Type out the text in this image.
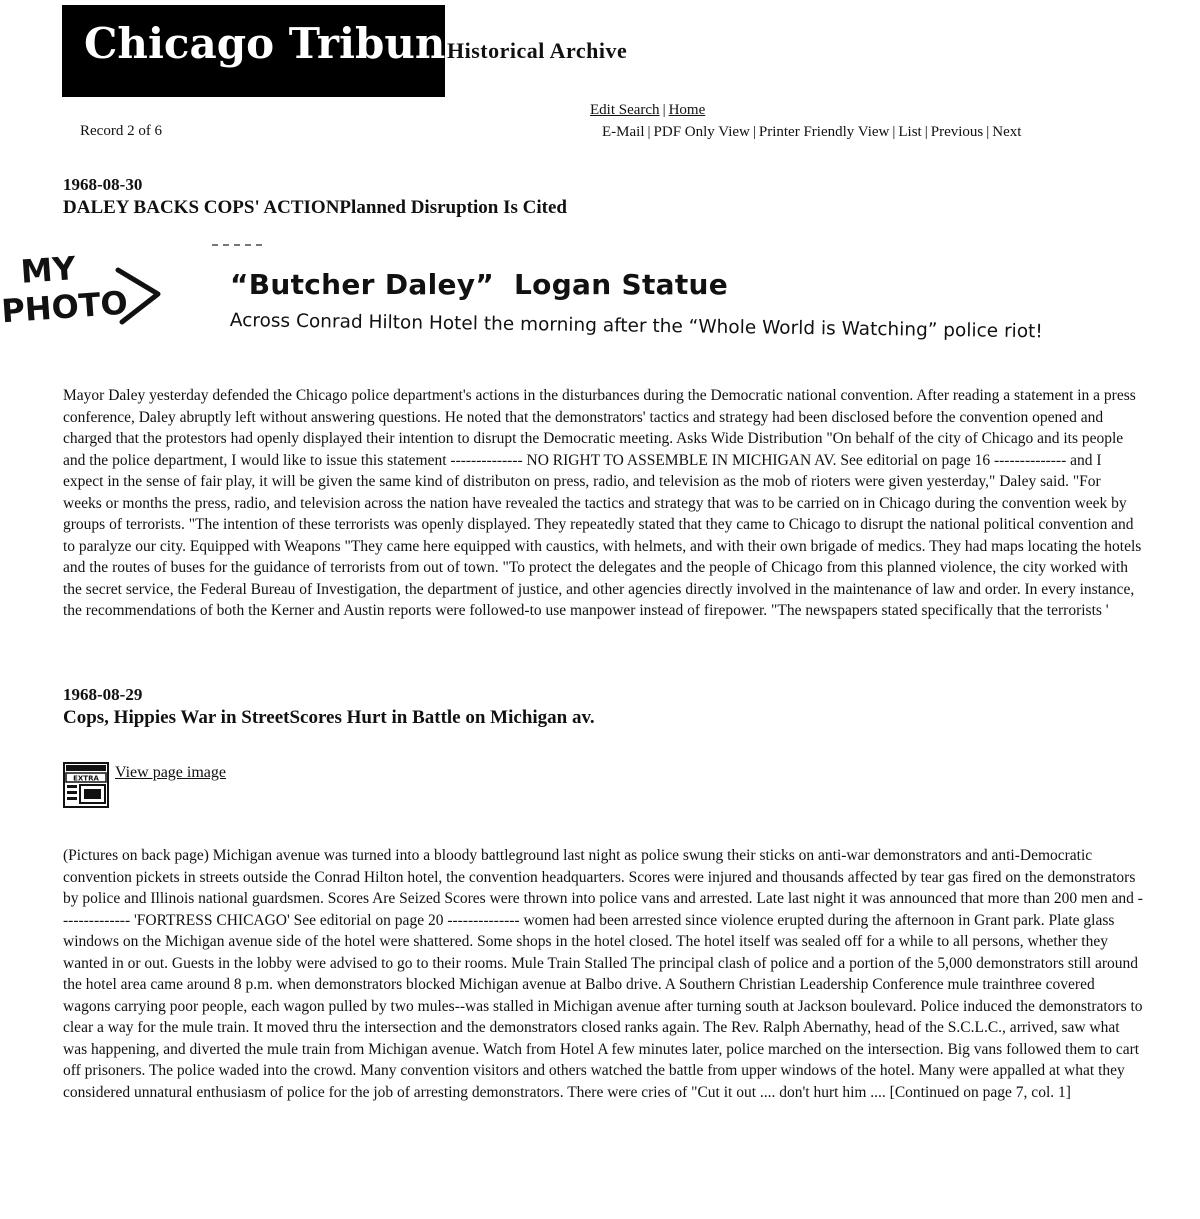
Chicago Tribune
Historical Archive
Edit Search | Home
Record 2 of 6	E-Mail | PDF Only View | Printer Friendly View | List | Previous | Next
1968-08-30
DALEY BACKS COPS' ACTIONPlanned Disruption Is Cited
MY
PHOTO	“Butcher Daley” Logan Statue
Across Conrad Hilton Hotel the morning after the “Whole World is Watching” police riot!
Mayor Daley yesterday defended the Chicago police department's actions in the disturbances during the Democratic national convention. After reading a statement in a press conference, Daley abruptly left without answering questions. He noted that the demonstrators' tactics and strategy had been disclosed before the convention opened and charged that the protestors had openly displayed their intention to disrupt the Democratic meeting. Asks Wide Distribution "On behalf of the city of Chicago and its people and the police department, I would like to issue this statement -------------- NO RIGHT TO ASSEMBLE IN MICHIGAN AV. See editorial on page 16 -------------- and I expect in the sense of fair play, it will be given the same kind of distributon on press, radio, and television as the mob of rioters were given yesterday," Daley said. "For weeks or months the press, radio, and television across the nation have revealed the tactics and strategy that was to be carried on in Chicago during the convention week by groups of terrorists. "The intention of these terrorists was openly displayed. They repeatedly stated that they came to Chicago to disrupt the national political convention and to paralyze our city. Equipped with Weapons "They came here equipped with caustics, with helmets, and with their own brigade of medics. They had maps locating the hotels and the routes of buses for the guidance of terrorists from out of town. "To protect the delegates and the people of Chicago from this planned violence, the city worked with the secret service, the Federal Bureau of Investigation, the department of justice, and other agencies directly involved in the maintenance of law and order. In every instance, the recommendations of both the Kerner and Austin reports were followed-to use manpower instead of firepower. "The newspapers stated specifically that the terrorists '
1968-08-29
Cops, Hippies War in StreetScores Hurt in Battle on Michigan av.
EXTRA View page image
(Pictures on back page) Michigan avenue was turned into a bloody battleground last night as police swung their sticks on anti-war demonstrators and anti-Democratic convention pickets in streets outside the Conrad Hilton hotel, the convention headquarters. Scores were injured and thousands affected by tear gas fired on the demonstrators by police and Illinois national guardsmen. Scores Are Seized Scores were thrown into police vans and arrested. Late last night it was announced that more than 200 men and -------------- 'FORTRESS CHICAGO' See editorial on page 20 -------------- women had been arrested since violence erupted during the afternoon in Grant park. Plate glass windows on the Michigan avenue side of the hotel were shattered. Some shops in the hotel closed. The hotel itself was sealed off for a while to all persons, whether they wanted in or out. Guests in the lobby were advised to go to their rooms. Mule Train Stalled The principal clash of police and a portion of the 5,000 demonstrators still around the hotel area came around 8 p.m. when demonstrators blocked Michigan avenue at Balbo drive. A Southern Christian Leadership Conference mule trainthree covered wagons carrying poor people, each wagon pulled by two mules--was stalled in Michigan avenue after turning south at Jackson boulevard. Police induced the demonstrators to clear a way for the mule train. It moved thru the intersection and the demonstrators closed ranks again. The Rev. Ralph Abernathy, head of the S.C.L.C., arrived, saw what was happening, and diverted the mule train from Michigan avenue. Watch from Hotel A few minutes later, police marched on the intersection. Big vans followed them to cart off prisoners. The police waded into the crowd. Many convention visitors and others watched the battle from upper windows of the hotel. Many were appalled at what they considered unnatural enthusiasm of police for the job of arresting demonstrators. There were cries of "Cut it out .... don't hurt him .... [Continued on page 7, col. 1]
